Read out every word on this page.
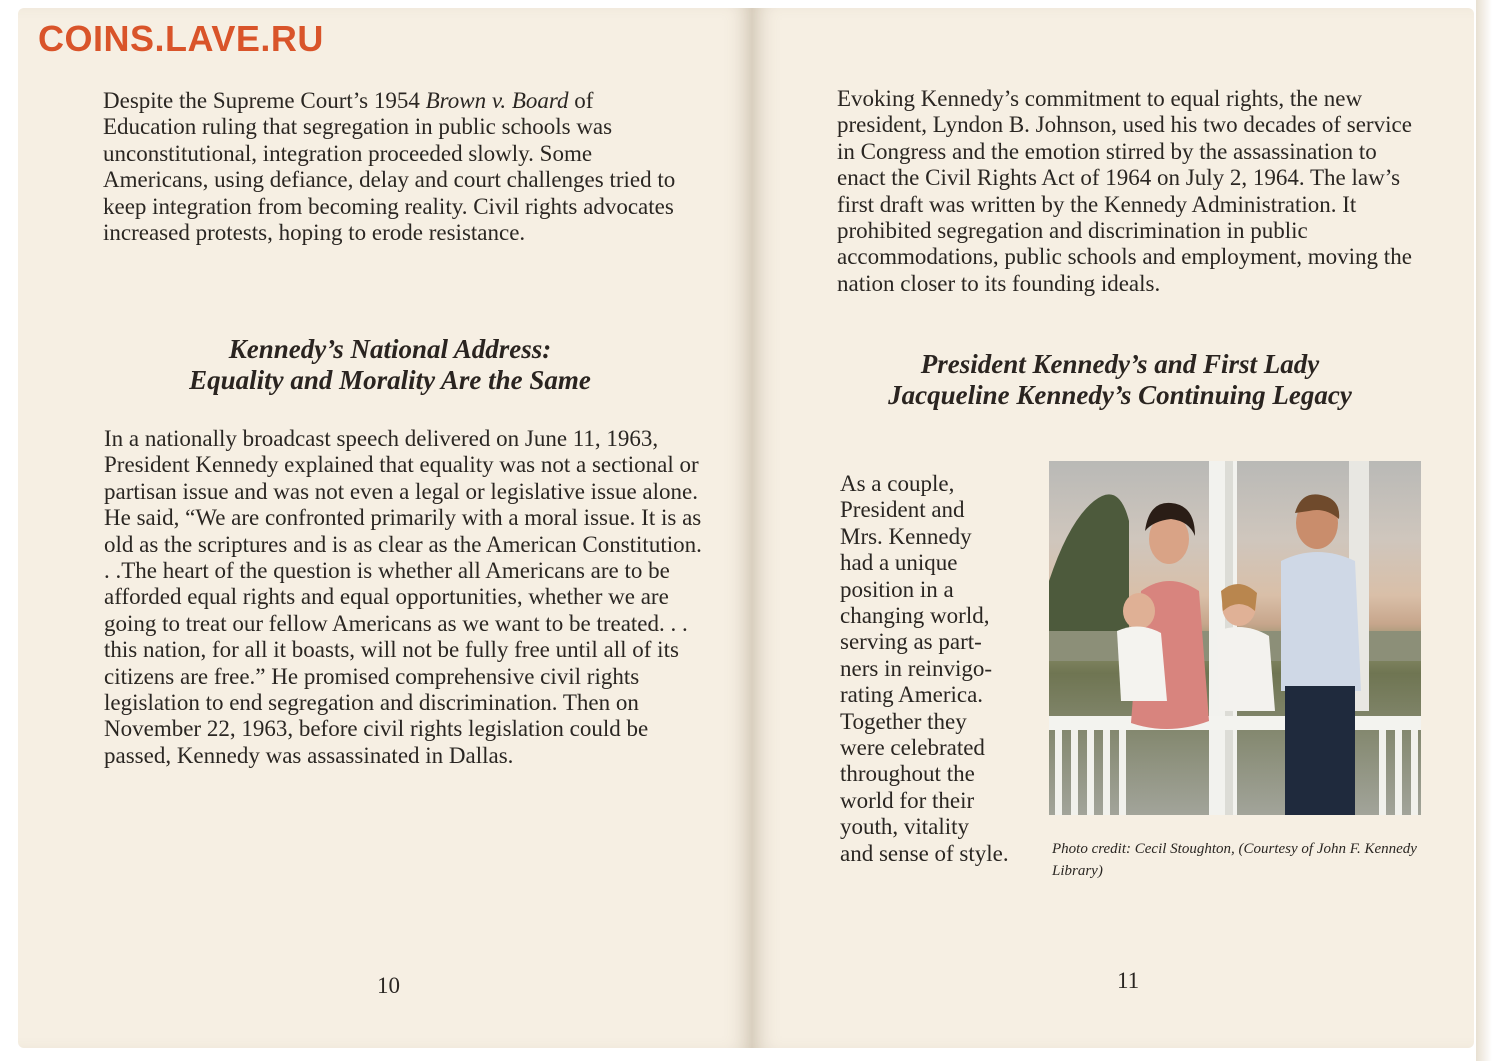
COINS.LAVE.RU

Despite the Supreme Court’s 1954 Brown v. Board of Education ruling that segregation in public schools was unconstitutional, integration proceeded slowly. Some Americans, using defiance, delay and court challenges tried to keep integration from becoming reality. Civil rights advocates increased protests, hoping to erode resistance.

Kennedy’s National Address:
Equality and Morality Are the Same

In a nationally broadcast speech delivered on June 11, 1963, President Kennedy explained that equality was not a sectional or partisan issue and was not even a legal or legislative issue alone. He said, “We are confronted primarily with a moral issue. It is as old as the scriptures and is as clear as the American Constitution. . .The heart of the question is whether all Americans are to be afforded equal rights and equal opportunities, whether we are going to treat our fellow Americans as we want to be treated. . . this nation, for all it boasts, will not be fully free until all of its citizens are free.” He promised comprehensive civil rights legislation to end segregation and discrimination. Then on November 22, 1963, before civil rights legislation could be passed, Kennedy was assassinated in Dallas.

10

Evoking Kennedy’s commitment to equal rights, the new president, Lyndon B. Johnson, used his two decades of service in Congress and the emotion stirred by the assassination to enact the Civil Rights Act of 1964 on July 2, 1964. The law’s first draft was written by the Kennedy Administration. It prohibited segregation and discrimination in public accommodations, public schools and employment, moving the nation closer to its founding ideals.

President Kennedy’s and First Lady
Jacqueline Kennedy’s Continuing Legacy
As a couple,
President and
Mrs. Kennedy
had a unique
position in a
changing world,
serving as part-
ners in reinvigo-
rating America.
Together they
were celebrated
throughout the
world for their
youth, vitality
and sense of style.	Photo credit: Cecil Stoughton, (Courtesy of John F. Kennedy Library)

11
